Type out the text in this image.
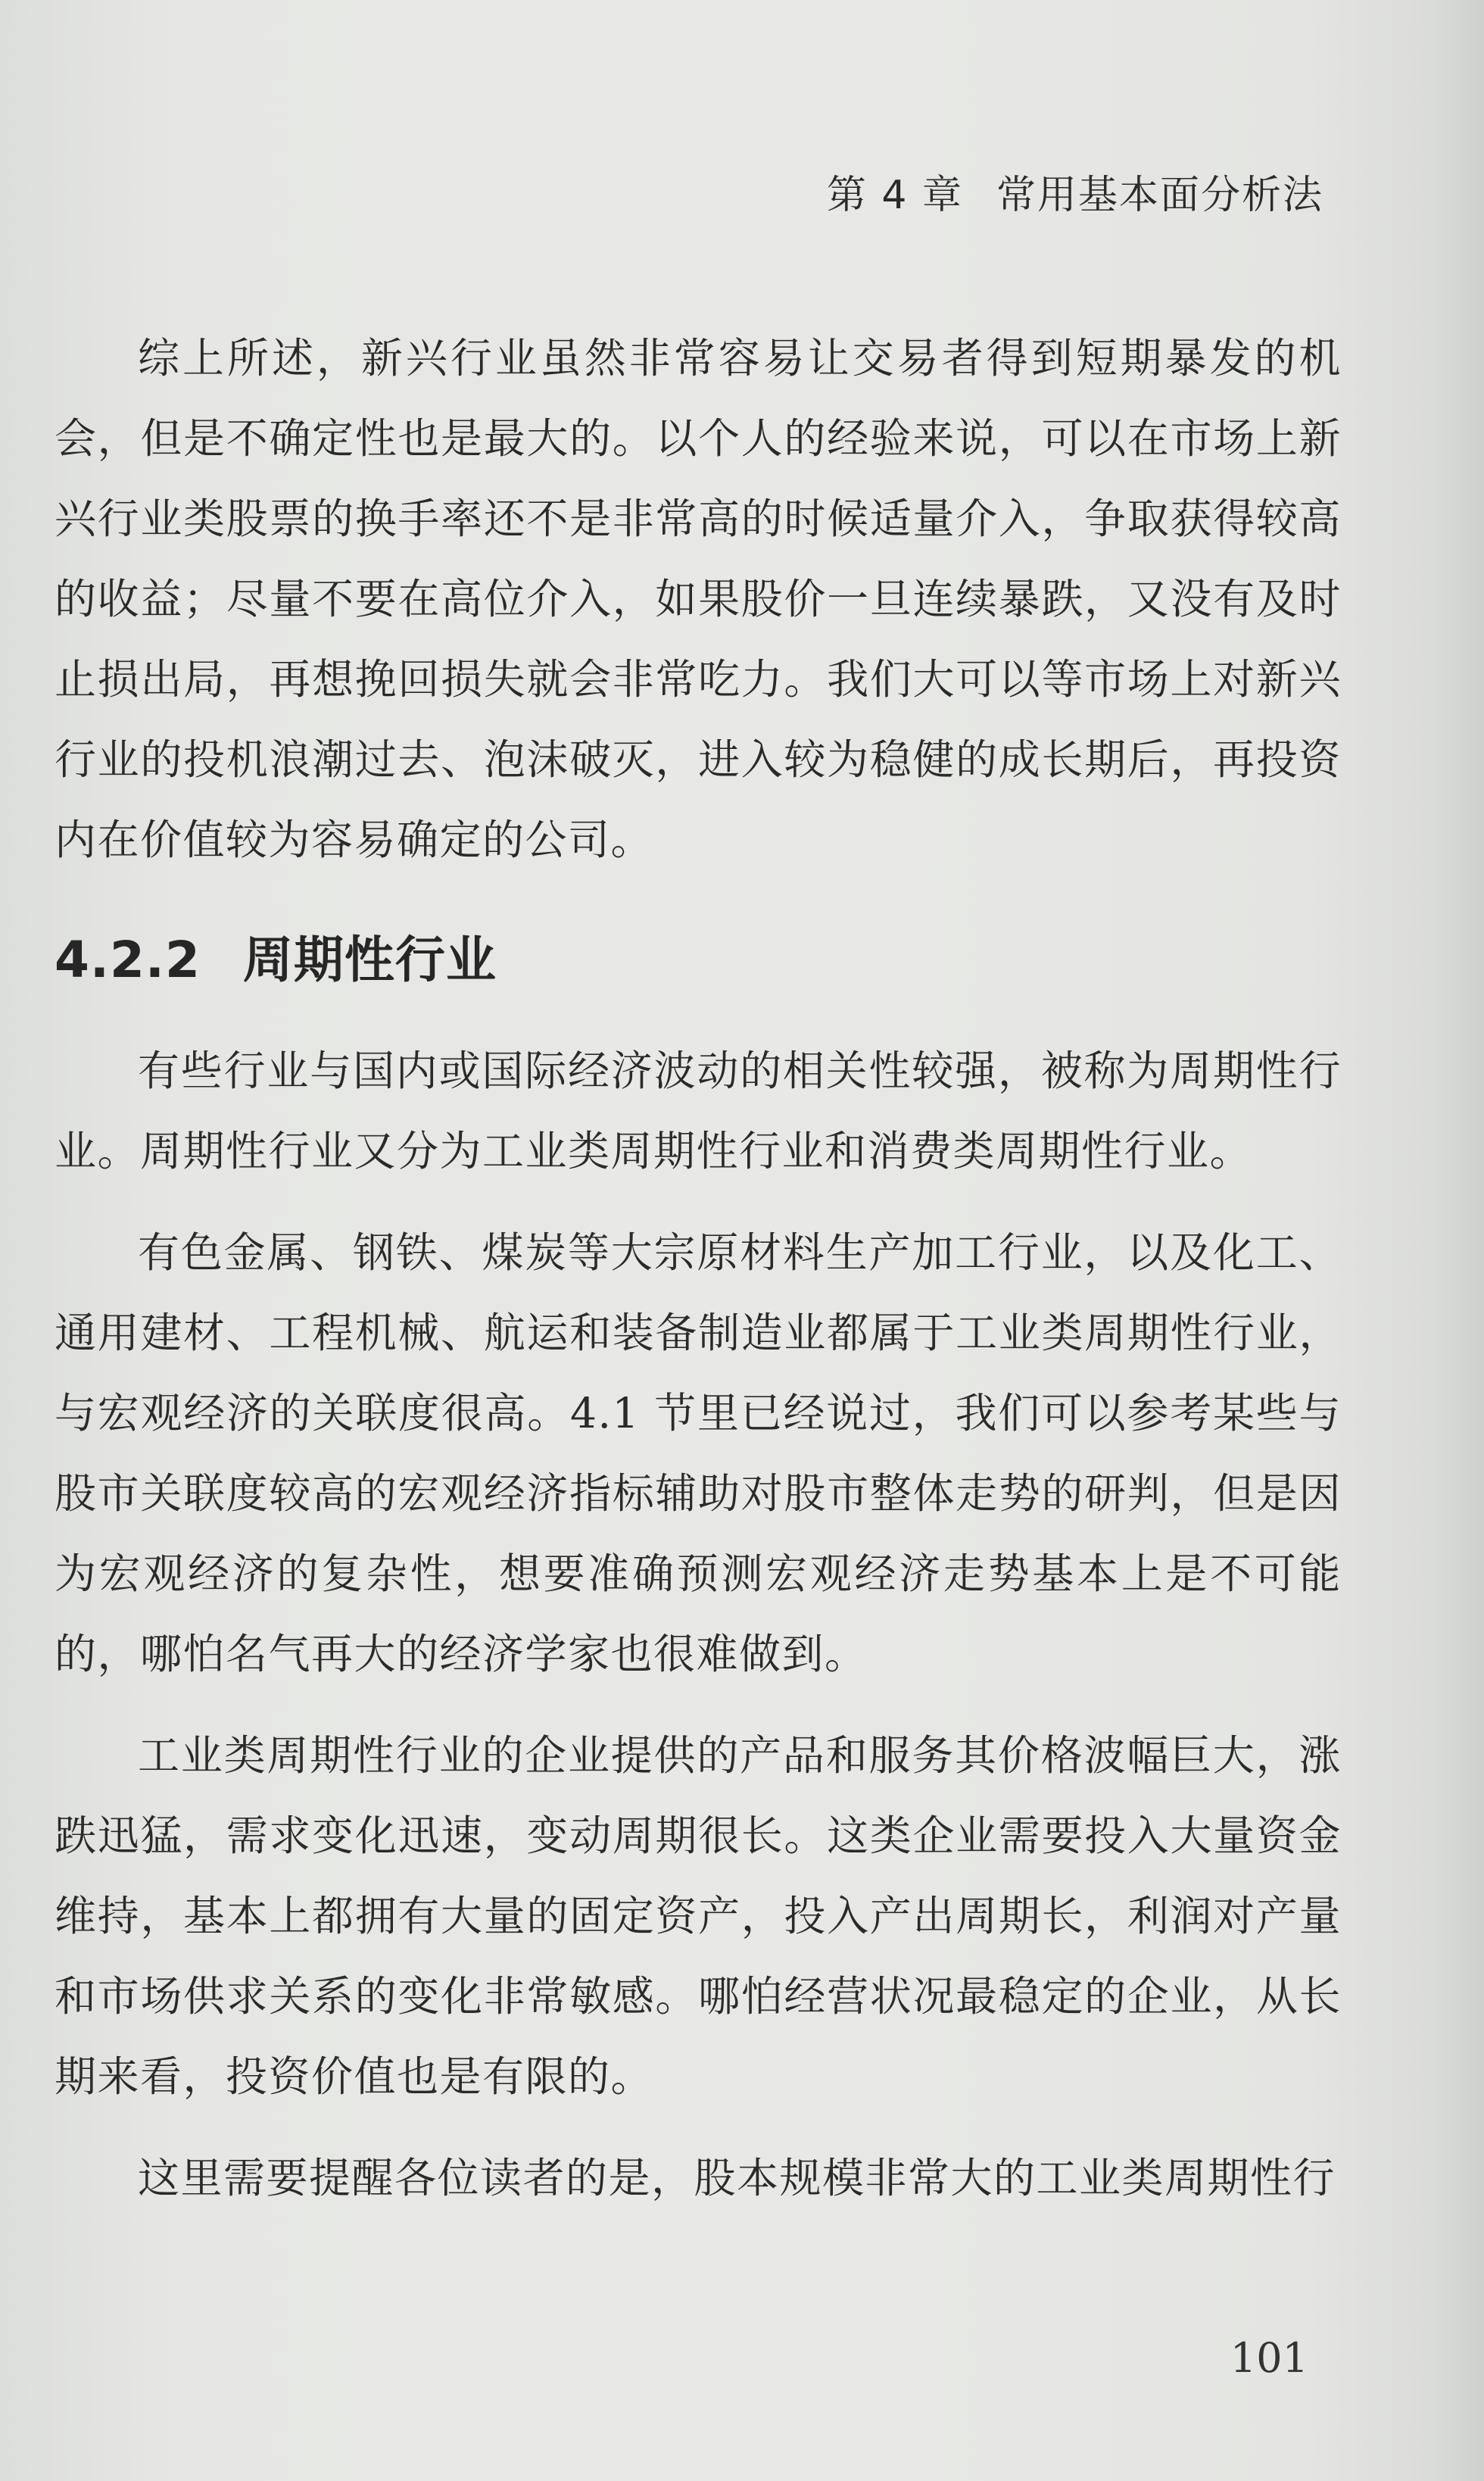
第 4 章 常用基本面分析法

综上所述，新兴行业虽然非常容易让交易者得到短期暴发的机会，但是不确定性也是最大的。以个人的经验来说，可以在市场上新兴行业类股票的换手率还不是非常高的时候适量介入，争取获得较高的收益；尽量不要在高位介入，如果股价一旦连续暴跌，又没有及时止损出局，再想挽回损失就会非常吃力。我们大可以等市场上对新兴行业的投机浪潮过去、泡沫破灭，进入较为稳健的成长期后，再投资内在价值较为容易确定的公司。

4.2.2 周期性行业

有些行业与国内或国际经济波动的相关性较强，被称为周期性行业。周期性行业又分为工业类周期性行业和消费类周期性行业。

有色金属、钢铁、煤炭等大宗原材料生产加工行业，以及化工、通用建材、工程机械、航运和装备制造业都属于工业类周期性行业，与宏观经济的关联度很高。4.1 节里已经说过，我们可以参考某些与股市关联度较高的宏观经济指标辅助对股市整体走势的研判，但是因为宏观经济的复杂性，想要准确预测宏观经济走势基本上是不可能的，哪怕名气再大的经济学家也很难做到。

工业类周期性行业的企业提供的产品和服务其价格波幅巨大，涨跌迅猛，需求变化迅速，变动周期很长。这类企业需要投入大量资金维持，基本上都拥有大量的固定资产，投入产出周期长，利润对产量和市场供求关系的变化非常敏感。哪怕经营状况最稳定的企业，从长期来看，投资价值也是有限的。

这里需要提醒各位读者的是，股本规模非常大的工业类周期性行

101
